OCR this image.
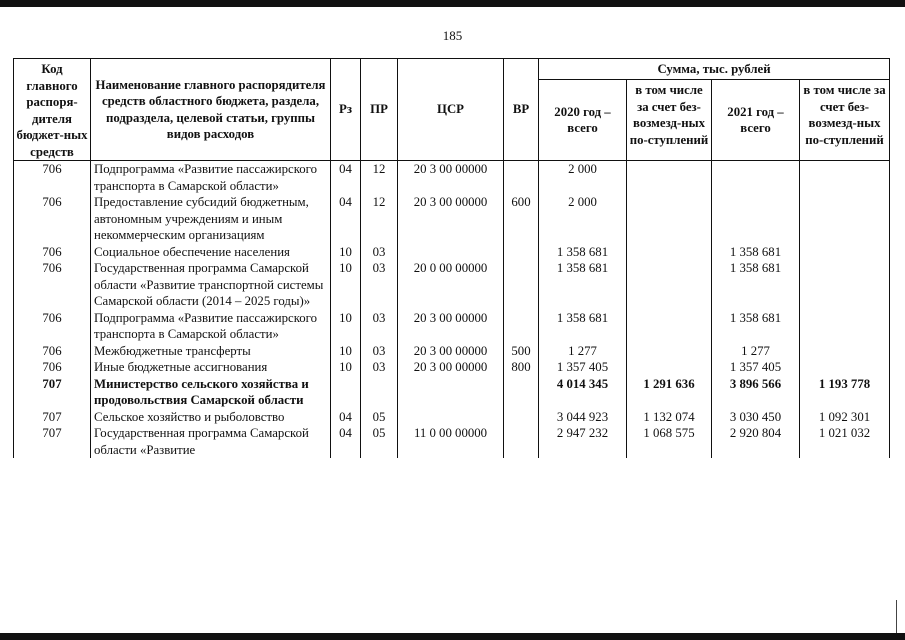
185
Код главного распоря-дителя бюджет-ных средств	Наименование главного распорядителя средств областного бюджета, раздела, подраздела, целевой статьи, группы видов расходов	Рз	ПР	ЦСР	ВР	Сумма, тыс. рублей			
						2020 год – всего	в том числе за счет без-возмезд-ных по-ступлений	2021 год – всего	в том числе за счет без-возмезд-ных по-ступлений
706	Подпрограмма «Развитие пассажирского транспорта в Самарской области»	04	12	20 3 00 00000		2 000			
706	Предоставление субсидий бюджетным, автономным учреждениям и иным некоммерческим организациям	04	12	20 3 00 00000	600	2 000			
706	Социальное обеспечение населения	10	03			1 358 681		1 358 681	
706	Государственная программа Самарской области «Развитие транспортной системы Самарской области (2014 – 2025 годы)»	10	03	20 0 00 00000		1 358 681		1 358 681	
706	Подпрограмма «Развитие пассажирского транспорта в Самарской области»	10	03	20 3 00 00000		1 358 681		1 358 681	
706	Межбюджетные трансферты	10	03	20 3 00 00000	500	1 277		1 277	
706	Иные бюджетные ассигнования	10	03	20 3 00 00000	800	1 357 405		1 357 405	
707	Министерство сельского хозяйства и продовольствия Самарской области					4 014 345	1 291 636	3 896 566	1 193 778
707	Сельское хозяйство и рыболовство	04	05			3 044 923	1 132 074	3 030 450	1 092 301
707	Государственная программа Самарской области «Развитие	04	05	11 0 00 00000		2 947 232	1 068 575	2 920 804	1 021 032
